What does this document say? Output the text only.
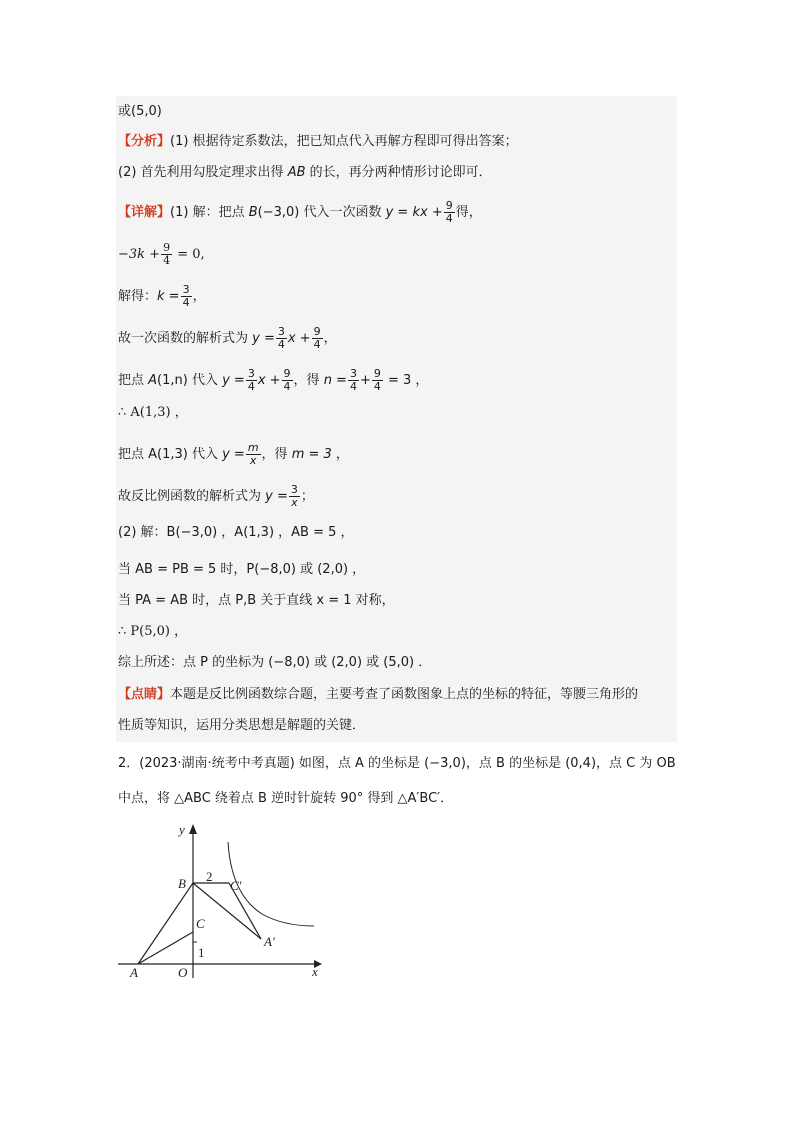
或(5,0)
【分析】(1) 根据待定系数法，把已知点代入再解方程即可得出答案；
(2) 首先利用勾股定理求出得 AB 的长，再分两种情形讨论即可．
【详解】(1) 解：把点 B(−3,0) 代入一次函数 y = kx + $\frac{9}{4}$ 得，
$-3k + \frac{9}{4} = 0$,
解得：$k = \frac{3}{4}$ ，
故一次函数的解析式为 $y = \frac{3}{4}$ $x + \frac{9}{4}$ ，
把点 A(1,n) 代入 $y = \frac{3}{4}$ $x + \frac{9}{4}$ ，得 $n = \frac{3}{4} + \frac{9}{4} = 3$ ，
∴ A(1,3) ，
把点 A(1,3) 代入 $y = \frac{m}{x}$ ，得 m = 3 ，
故反比例函数的解析式为 $y = \frac{3}{x}$ ；
(2) 解：B(−3,0) ，A(1,3) ，AB = 5 ，
当 AB = PB = 5 时，P(−8,0) 或 (2,0) ，
当 PA = AB 时，点 P,B 关于直线 x = 1 对称，
∴ P(5,0) ，
综上所述：点 P 的坐标为 (−8,0) 或 (2,0) 或 (5,0) ．
【点睛】本题是反比例函数综合题，主要考查了函数图象上点的坐标的特征，等腰三角形的
性质等知识，运用分类思想是解题的关键．
2．(2023·湖南·统考中考真题) 如图，点 A 的坐标是 (−3,0)，点 B 的坐标是 (0,4)，点 C 为 OB
中点，将 △ABC 绕着点 B 逆时针旋转 90° 得到 △A′BC′．
y
x
B
C
C′
A′
A	O
2
1
